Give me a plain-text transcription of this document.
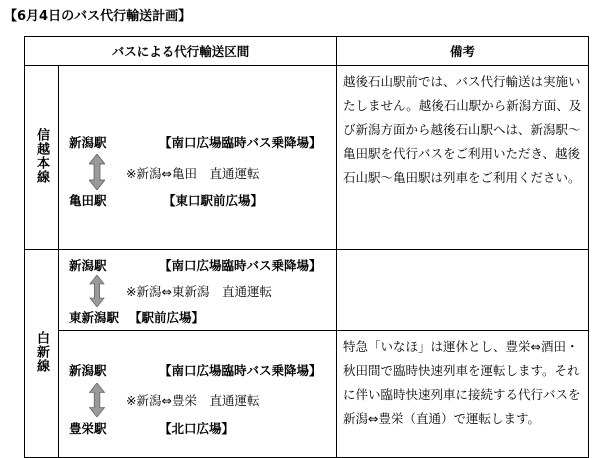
【6月4日のバス代行輸送計画】
バスによる代行輸送区間		備考
信越本線	新潟駅 【南口広場臨時バス乗降場】
※新潟⇔亀田　直通運転
亀田駅 【東口駅前広場】	越後石山駅前では、バス代行輸送は実施いたしません。越後石山駅から新潟方面、及び新潟方面から越後石山駅へは、新潟駅～亀田駅を代行バスをご利用いただき、越後石山駅～亀田駅は列車をご利用ください。

白新線	新潟駅 【南口広場臨時バス乗降場】
※新潟⇔東新潟　直通運転
東新潟駅 【駅前広場】	

	新潟駅 【南口広場臨時バス乗降場】
※新潟⇔豊栄　直通運転
豊栄駅 【北口広場】	特急「いなほ」は運休とし、豊栄⇔酒田・秋田間で臨時快速列車を運転します。それに伴い臨時快速列車に接続する代行バスを新潟⇔豊栄（直通）で運転します。
